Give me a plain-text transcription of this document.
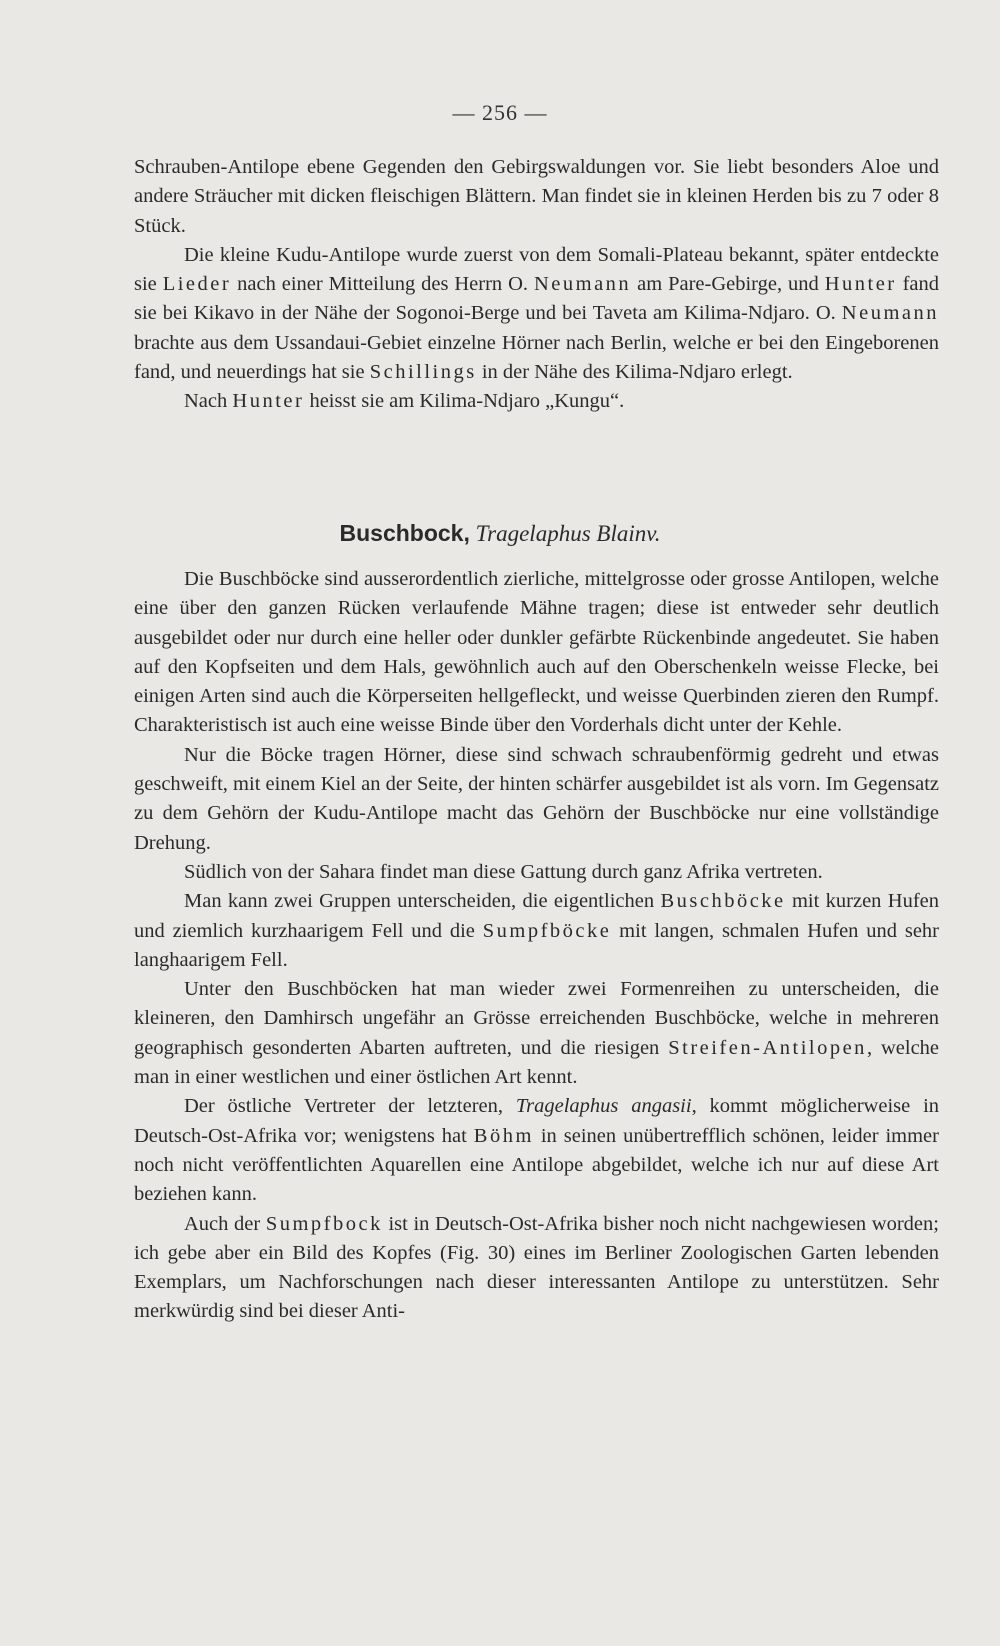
— 256 —

Schrauben-Antilope ebene Gegenden den Gebirgswaldungen vor. Sie liebt besonders Aloe und andere Sträucher mit dicken fleischigen Blättern. Man findet sie in kleinen Herden bis zu 7 oder 8 Stück.

Die kleine Kudu-Antilope wurde zuerst von dem Somali-Plateau bekannt, später entdeckte sie Lieder nach einer Mitteilung des Herrn O. Neumann am Pare-Gebirge, und Hunter fand sie bei Kikavo in der Nähe der Sogonoi-Berge und bei Taveta am Kilima-Ndjaro. O. Neumann brachte aus dem Ussandaui-Gebiet einzelne Hörner nach Berlin, welche er bei den Eingeborenen fand, und neuerdings hat sie Schillings in der Nähe des Kilima-Ndjaro erlegt.

Nach Hunter heisst sie am Kilima-Ndjaro „Kungu“.

Buschbock, Tragelaphus Blainv.

Die Buschböcke sind ausserordentlich zierliche, mittelgrosse oder grosse Antilopen, welche eine über den ganzen Rücken verlaufende Mähne tragen; diese ist entweder sehr deutlich ausgebildet oder nur durch eine heller oder dunkler gefärbte Rückenbinde angedeutet. Sie haben auf den Kopfseiten und dem Hals, gewöhnlich auch auf den Oberschenkeln weisse Flecke, bei einigen Arten sind auch die Körperseiten hellgefleckt, und weisse Querbinden zieren den Rumpf. Charakteristisch ist auch eine weisse Binde über den Vorderhals dicht unter der Kehle.

Nur die Böcke tragen Hörner, diese sind schwach schraubenförmig gedreht und etwas geschweift, mit einem Kiel an der Seite, der hinten schärfer ausgebildet ist als vorn. Im Gegensatz zu dem Gehörn der Kudu-Antilope macht das Gehörn der Buschböcke nur eine vollständige Drehung.

Südlich von der Sahara findet man diese Gattung durch ganz Afrika vertreten.

Man kann zwei Gruppen unterscheiden, die eigentlichen Buschböcke mit kurzen Hufen und ziemlich kurzhaarigem Fell und die Sumpfböcke mit langen, schmalen Hufen und sehr langhaarigem Fell.

Unter den Buschböcken hat man wieder zwei Formenreihen zu unterscheiden, die kleineren, den Damhirsch ungefähr an Grösse erreichenden Buschböcke, welche in mehreren geographisch gesonderten Abarten auftreten, und die riesigen Streifen-Antilopen, welche man in einer westlichen und einer östlichen Art kennt.

Der östliche Vertreter der letzteren, Tragelaphus angasii, kommt möglicherweise in Deutsch-Ost-Afrika vor; wenigstens hat Böhm in seinen unübertrefflich schönen, leider immer noch nicht veröffentlichten Aquarellen eine Antilope abgebildet, welche ich nur auf diese Art beziehen kann.

Auch der Sumpfbock ist in Deutsch-Ost-Afrika bisher noch nicht nachgewiesen worden; ich gebe aber ein Bild des Kopfes (Fig. 30) eines im Berliner Zoologischen Garten lebenden Exemplars, um Nachforschungen nach dieser interessanten Antilope zu unterstützen. Sehr merkwürdig sind bei dieser Anti-
